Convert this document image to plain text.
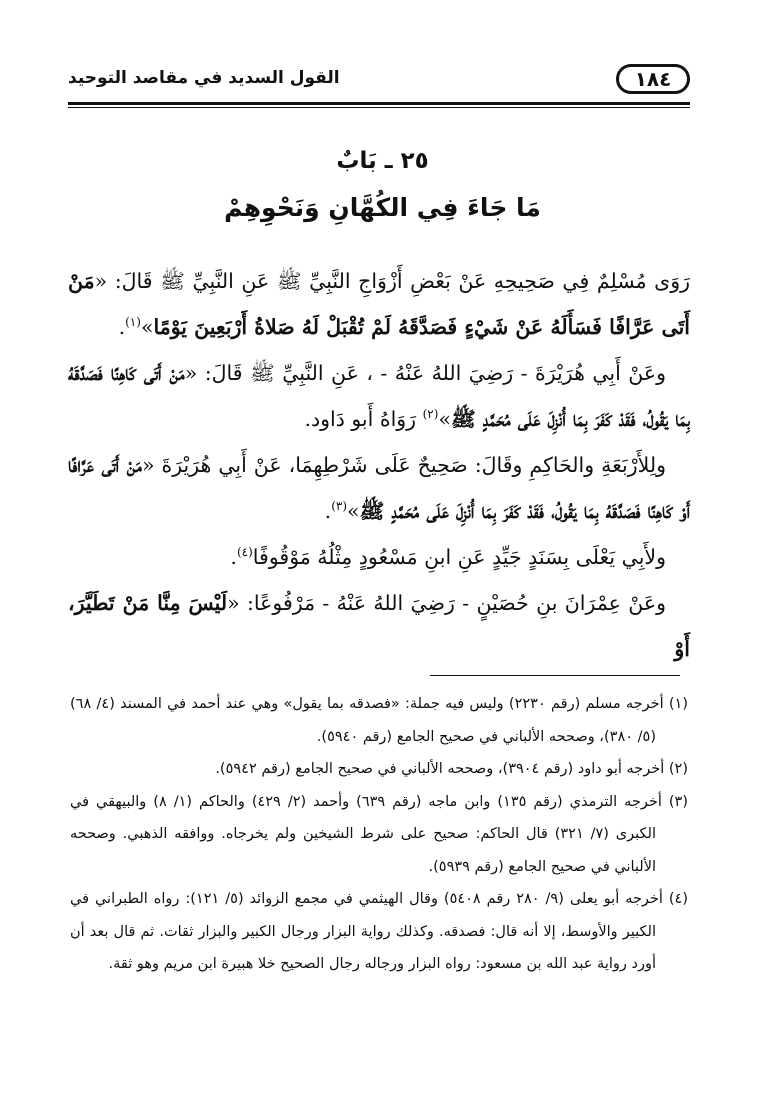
١٨٤
القول السديد في مقاصد التوحيد
٢٥ ـ بَابٌ
مَا جَاءَ فِي الكُهَّانِ وَنَحْوِهِمْ

رَوَى مُسْلِمٌ فِي صَحِيحِهِ عَنْ بَعْضِ أَزْوَاجِ النَّبِيِّ ﷺ عَنِ النَّبِيِّ ﷺ قَالَ: «مَنْ أَتَى عَرَّافًا فَسَأَلَهُ عَنْ شَيْءٍ فَصَدَّقَهُ لَمْ تُقْبَلْ لَهُ صَلاةُ أَرْبَعِينَ يَوْمًا»$^{(١)}$.

وعَنْ أَبِي هُرَيْرَةَ - رَضِيَ اللهُ عَنْهُ - ، عَنِ النَّبِيِّ ﷺ قَالَ: «مَنْ أَتَى كَاهِنًا فَصَدَّقَهُ بِمَا يَقُولُ، فَقَدْ كَفَرَ بِمَا أُنْزِلَ عَلَى مُحَمَّدٍ ﷺ»$^{(٢)}$ رَوَاهُ أَبو دَاود.

ولِلأَرْبَعَةِ والحَاكِمِ وقَالَ: صَحِيحٌ عَلَى شَرْطِهِمَا، عَنْ أَبِي هُرَيْرَةَ «مَنْ أَتَى عَرَّافًا أَوْ كَاهِنًا فَصَدَّقَهُ بِمَا يَقُولُ، فَقَدْ كَفَرَ بِمَا أُنْزِلَ عَلَى مُحَمَّدٍ ﷺ»$^{(٣)}$.

ولأَبِي يَعْلَى بِسَنَدٍ جَيِّدٍ عَنِ ابنِ مَسْعُودٍ مِثْلُهُ مَوْقُوفًا$^{(٤)}$.

وعَنْ عِمْرَانَ بنِ حُصَيْنٍ - رَضِيَ اللهُ عَنْهُ - مَرْفُوعًا: «لَيْسَ مِنَّا مَنْ تَطَيَّرَ، أَوْ

(١) أخرجه مسلم (رقم ٢٢٣٠) وليس فيه جملة: «فصدقه بما يقول» وهي عند أحمد في المسند (٤/ ٦٨) (٥/ ٣٨٠)، وصححه الألباني في صحيح الجامع (رقم ٥٩٤٠).

(٢) أخرجه أبو داود (رقم ٣٩٠٤)، وصححه الألباني في صحيح الجامع (رقم ٥٩٤٢).

(٣) أخرجه الترمذي (رقم ١٣٥) وابن ماجه (رقم ٦٣٩) وأحمد (٢/ ٤٢٩) والحاكم (١/ ٨) والبيهقي في الكبرى (٧/ ٣٢١) قال الحاكم: صحيح على شرط الشيخين ولم يخرجاه. ووافقه الذهبي. وصححه الألباني في صحيح الجامع (رقم ٥٩٣٩).

(٤) أخرجه أبو يعلى (٩/ ٢٨٠ رقم ٥٤٠٨) وقال الهيثمي في مجمع الزوائد (٥/ ١٢١): رواه الطبراني في الكبير والأوسط، إلا أنه قال: فصدقه. وكذلك رواية البزار ورجال الكبير والبزار ثقات. ثم قال بعد أن أورد رواية عبد الله بن مسعود: رواه البزار ورجاله رجال الصحيح خلا هبيرة ابن مريم وهو ثقة.
